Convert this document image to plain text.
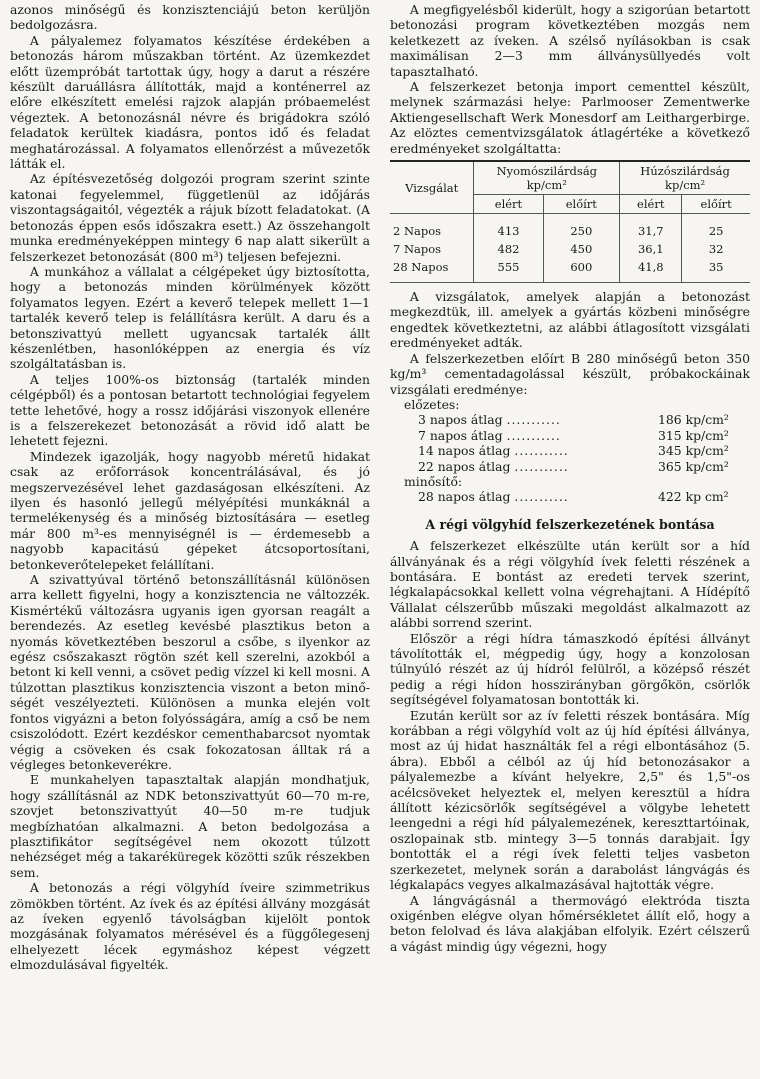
azonos minőségű és konzisztenciájú beton kerüljön bedolgozásra.

A pályalemez folyamatos készítése érdekében a betonozás három műszakban történt. Az üzemkezdet előtt üzempróbát tartottak úgy, hogy a darut a részére készült daruállásra állították, majd a konténerrel az előre elkészített emelési rajzok alapján próbaemelést végeztek. A betonozásnál névre és brigádokra szóló feladatok kerültek kiadásra, pontos idő és feladat meghatározással. A folyamatos ellenőrzést a művezetők látták el.

Az építésvezetőség dolgozói program szerint szinte katonai fegyelemmel, függetlenül az időjárás viszontagságaitól, végezték a rájuk bízott feladatokat. (A betonozás éppen esős időszakra esett.) Az összehangolt munka eredményeképpen mintegy 6 nap alatt sikerült a felszerkezet betonozását (800 m³) teljesen befejezni.

A munkához a vállalat a célgépeket úgy biztosította, hogy a betonozás minden körülmények között folyamatos legyen. Ezért a keverő telepek mellett 1—1 tartalék keverő telep is felállításra került. A daru és a betonszivattyú mellett ugyancsak tartalék állt készenlétben, hasonlóképpen az energia és víz szolgáltatásban is.

A teljes 100%-os biztonság (tartalék minden célgépből) és a pontosan betartott technológiai fegyelem tette lehetővé, hogy a rossz időjárási viszonyok ellenére is a felszerekezet betonozását a rövid idő alatt be lehetett fejezni.

Mindezek igazolják, hogy nagyobb méretű hidakat csak az erőforrások koncentrálásával, és jó megszervezésével lehet gazdaságosan elkészíteni. Az ilyen és hasonló jellegű mélyépítési munkáknál a termelékenység és a minőség biztosítására — esetleg már 800 m³-es mennyiségnél is — érdemesebb a nagyobb kapacitású gépeket átcsoportosítani, betonkeverőtelepeket felállítani.

A szivattyúval történő betonszállításnál különösen arra kellett figyelni, hogy a konzisztencia ne változzék. Kismértékű változásra ugyanis igen gyorsan reagált a berendezés. Az esetleg kevésbé plasztikus beton a nyomás következtében beszorul a csőbe, s ilyenkor az egész csőszakaszt rögtön szét kell szerelni, azokból a betont ki kell venni, a csövet pedig vízzel ki kell mosni. A túlzottan plasztikus konzisztencia viszont a beton minőségét veszélyezteti. Különösen a munka elején volt fontos vigyázni a beton folyósságára, amíg a cső be nem csiszolódott. Ezért kezdéskor cementhabarcsot nyomtak végig a csöveken és csak fokozatosan álltak rá a végleges betonkeverékre.

E munkahelyen tapasztaltak alapján mondhatjuk, hogy szállításnál az NDK betonszivattyút 60—70 m-re, szovjet betonszivattyút 40—50 m-re tudjuk megbízhatóan alkalmazni. A beton bedolgozása a plasztifikátor segítségével nem okozott túlzott nehézséget még a takaréküregek közötti szűk részekben sem.

A betonozás a régi völgyhíd íveire szimmetrikus zömökben történt. Az ívek és az építési állvány mozgását az íveken egyenlő távolságban kijelölt pontok mozgásának folyamatos mérésével és a függőlegesenj elhelyezett lécek egymáshoz képest végzett elmozdulásával figyelték.

A megfigyelésből kiderült, hogy a szigorúan betartott betonozási program következtében mozgás nem keletkezett az íveken. A szélső nyílásokban is csak maximálisan 2—3 mm állványsüllyedés volt tapasztalható.

A felszerkezet betonja import cementtel készült, melynek származási helye: Parlmooser Zementwerke Aktiengesellschaft Werk Monesdorf am Leithargerbirge. Az elöztes cementvizsgálatok átlagértéke a következő eredményeket szolgáltatta:

Vizsgálat	Nyomószilárdság
kp/cm²		Húzószilárdság
kp/cm²	
	elért	előírt	elért	előírt
2 Napos	413	250	31,7	25
7 Napos	482	450	36,1	32
28 Napos	555	600	41,8	35

A vizsgálatok, amelyek alapján a betonozást megkezdtük, ill. amelyek a gyártás közbeni minőségre engedtek következtetni, az alábbi átlagosított vizsgálati eredményeket adták.

A felszerkezetben előírt B 280 minőségű beton 350 kg/m³ cementadagolással készült, próbakockáinak vizsgálati eredménye:

előzetes:
3 napos átlag ...........	186 kp/cm²
7 napos átlag ...........	315 kp/cm²
14 napos átlag ...........	345 kp/cm²
22 napos átlag ...........	365 kp/cm²
minősítő:
28 napos átlag ...........	422 kp cm²
A régi völgyhíd felszerkezetének bontása

A felszerkezet elkészülte után került sor a híd állványának és a régi völgyhíd ívek feletti részének a bontására. E bontást az eredeti tervek szerint, légkalapácsokkal kellett volna végrehajtani. A Hídépítő Vállalat célszerűbb műszaki megoldást alkalmazott az alábbi sorrend szerint.

Először a régi hídra támaszkodó építési állványt távolították el, mégpedig úgy, hogy a konzolosan túlnyúló részét az új hídról felülről, a középső részét pedig a régi hídon hosszirányban görgőkön, csörlők segítségével folyamatosan bontották ki.

Ezután került sor az ív feletti részek bontására. Míg korábban a régi völgyhíd volt az új híd építési állványa, most az új hidat használták fel a régi elbontásához (5. ábra). Ebből a célból az új híd betonozásakor a pályalemezbe a kívánt helyekre, 2,5" és 1,5"-os acélcsöveket helyeztek el, melyen keresztül a hídra állított kézicsörlők segítségével a völgybe lehetett leengedni a régi híd pályalemezének, kereszttartóinak, oszlopainak stb. mintegy 3—5 tonnás darabjait. Így bontották el a régi ívek feletti teljes vasbeton szerkezetet, melynek során a darabolást lángvágás és légkalapács vegyes alkalmazásával hajtották végre.

A lángvágásnál a thermovágó elektróda tiszta oxigénben elégve olyan hőmérsékletet állít elő, hogy a beton felolvad és láva alakjában elfolyik. Ezért célszerű a vágást mindig úgy végezni, hogy
